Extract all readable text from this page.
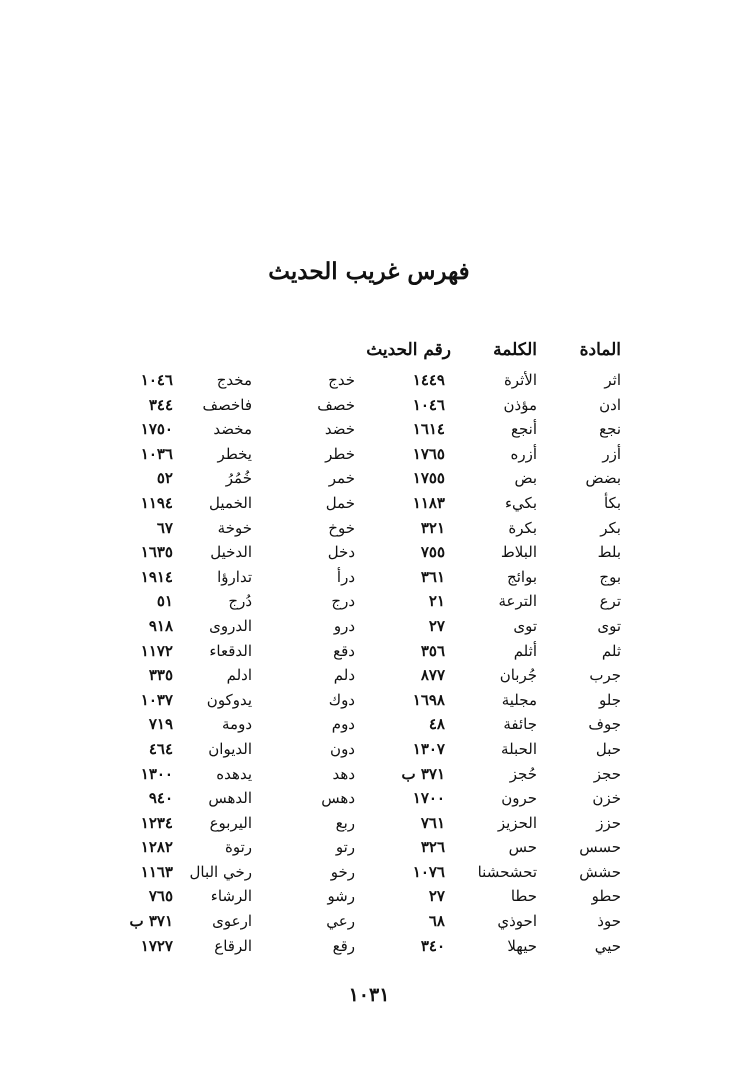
فهرس غريب الحديث
المادة
الكلمة
رقم الحديث
اثر
الأثرة
١٤٤٩
خدج
مخدج
١٠٤٦
ادن
مؤذن
١٠٤٦
خصف
فاخصف
٣٤٤
نجع
أنجع
١٦١٤
خضد
مخضد
١٧٥٠
أزر
أزره
١٧٦٥
خطر
يخطر
١٠٣٦
بضض
بض
١٧٥٥
خمر
خُمُرُ
٥٢
بكأ
بكيء
١١٨٣
خمل
الخميل
١١٩٤
بكر
بكرة
٣٢١
خوخ
خوخة
٦٧
بلط
البلاط
٧٥٥
دخل
الدخيل
١٦٣٥
بوج
بوائج
٣٦١
درأ
تدارؤا
١٩١٤
ترع
الترعة
٢١
درج
دُرج
٥١
توى
توى
٢٧
درو
الدروى
٩١٨
ثلم
أثلم
٣٥٦
دقع
الدقعاء
١١٧٢
جرب
جُربان
٨٧٧
دلم
ادلم
٣٣٥
جلو
مجلية
١٦٩٨
دوك
يدوكون
١٠٣٧
جوف
جائفة
٤٨
دوم
دومة
٧١٩
حبل
الحبلة
١٣٠٧
دون
الديوان
٤٦٤
حجز
حُجز
٣٧١ ب
دهد
يدهده
١٣٠٠
خزن
حرون
١٧٠٠
دهس
الدهس
٩٤٠
حزز
الحزيز
٧٦١
ربع
اليربوع
١٢٣٤
حسس
حس
٣٢٦
رتو
رتوة
١٢٨٢
حشش
تحشحشنا
١٠٧٦
رخو
رخي البال
١١٦٣
حطو
حطا
٢٧
رشو
الرشاء
٧٦٥
حوذ
احوذي
٦٨
رعي
ارعوى
٣٧١ ب
حيي
حيهلا
٣٤٠
رقع
الرقاع
١٧٢٧
١٠٣١
